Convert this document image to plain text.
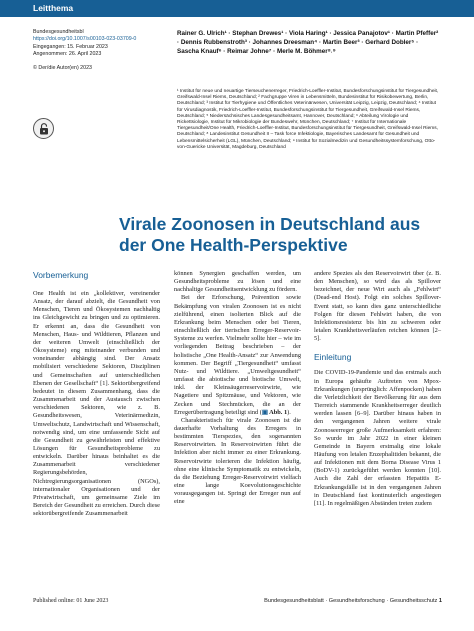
Leitthema
Bundesgesundheitsbl
https://doi.org/10.1007/s00103-023-03709-0
Eingegangen: 15. Februar 2023
Angenommen: 26. April 2023
© Der/die Autor(en) 2023
Rainer G. Ulrich¹ · Stephan Drewes¹ · Viola Haring¹ · Jessica Panajotov¹ · Martin Pfeffer² · Dennis Rubbenstroth³ · Johannes Dreesman⁴ · Martin Beer³ · Gerhard Dobler⁵ · Sascha Knauf⁶ · Reimar Johne⁷ · Merle M. Böhmer⁸˒⁹
¹ Institut für neue und neuartige Tierseuchenerreger, Friedrich-Loeffler-Institut, Bundesforschungsinstitut für Tiergesundheit, Greifswald-Insel Riems, Deutschland; ² Fachgruppe Viren in Lebensmitteln, Bundesinstitut für Risikobewertung, Berlin, Deutschland; ³ Institut für Tierhygiene und Öffentliches Veterinärwesen, Universität Leipzig, Leipzig, Deutschland; ⁴ Institut für Virusdiagnostik, Friedrich-Loeffler-Institut, Bundesforschungsinstitut für Tiergesundheit, Greifswald-Insel Riems, Deutschland; ⁵ Niedersächsisches Landesgesundheitsamt, Hannover, Deutschland; ⁶ Abteilung Virologie und Rickettsiologie, Institut für Mikrobiologie der Bundeswehr, München, Deutschland; ⁷ Institut für Internationale Tiergesundheit/One Health, Friedrich-Loeffler-Institut, Bundesforschungsinstitut für Tiergesundheit, Greifswald-Insel Riems, Deutschland; ⁸ Landesinstitut Gesundheit II – Task force Infektiologie, Bayerisches Landesamt für Gesundheit und Lebensmittelsicherheit (LGL), München, Deutschland; ⁹ Institut für Sozialmedizin und Gesundheitssystemforschung, Otto-von-Guericke Universität, Magdeburg, Deutschland
Virale Zoonosen in Deutschland aus der One Health-Perspektive
Vorbemerkung

One Health ist ein „kollektiver, vereinender Ansatz, der darauf abzielt, die Gesundheit von Menschen, Tieren und Ökosystemen nachhaltig ins Gleichgewicht zu bringen und zu optimieren. Er erkennt an, dass die Gesundheit von Menschen, Haus- und Wildtieren, Pflanzen und der weiteren Umwelt (einschließlich der Ökosysteme) eng miteinander verbunden und voneinander abhängig sind. Der Ansatz mobilisiert verschiedene Sektoren, Disziplinen und Gemeinschaften auf unterschiedlichen Ebenen der Gesellschaft“ [1]. Sektorübergreifend bedeutet in diesem Zusammenhang, dass die Zusammenarbeit und der Austausch zwischen verschiedenen Sektoren, wie z. B. Gesundheitswesen, Veterinärmedizin, Umweltschutz, Landwirtschaft und Wissenschaft, notwendig sind, um eine umfassende Sicht auf die Gesundheit zu gewährleisten und effektive Lösungen für Gesundheitsprobleme zu entwickeln. Darüber hinaus beinhaltet es die Zusammenarbeit verschiedener Regierungsbehörden, Nichtregierungsorganisationen (NGOs), internationaler Organisationen und der Privatwirtschaft, um gemeinsame Ziele im Bereich der Gesundheit zu erreichen. Durch diese sektorübergreifende Zusammenarbeit

können Synergien geschaffen werden, um Gesundheitsprobleme zu lösen und eine nachhaltige Gesundheitsentwicklung zu fördern.

Bei der Erforschung, Prävention sowie Bekämpfung von viralen Zoonosen ist es nicht zielführend, einen isolierten Blick auf die Erkrankung beim Menschen oder bei Tieren, einschließlich der tierischen Erreger-Reservoir-Systeme zu werfen. Vielmehr sollte hier – wie im vorliegenden Beitrag beschrieben – der holistische „One Health-Ansatz“ zur Anwendung kommen. Der Begriff „Tiergesundheit“ umfasst Nutz- und Wildtiere. „Umweltgesundheit“ umfasst die abiotische und biotische Umwelt, inkl. der Kleinsäugerreservoirwirte, wie Nagetiere und Spitzmäuse, und Vektoren, wie Zecken und Stechmücken, die an der Erregerübertragung beteiligt sind (▣ Abb. 1).

Charakteristisch für virale Zoonosen ist die dauerhafte Vorhaltung des Erregers in bestimmten Tierspezies, den sogenannten Reservoirwirten. In Reservoirwirten führt die Infektion aber nicht immer zu einer Erkrankung. Reservoirwirte tolerieren die Infektion häufig, ohne eine klinische Symptomatik zu entwickeln, da die Beziehung Erreger-Reservoirwirt vielfach eine lange Koevolutionsgeschichte vorausgegangen ist. Springt der Erreger nun auf eine

andere Spezies als den Reservoirwirt über (z. B. den Menschen), so wird das als Spillover bezeichnet, der neue Wirt auch als „Fehlwirt“ (Dead-end Host). Folgt ein solches Spillover-Event statt, so kann dies ganz unterschiedliche Folgen für diesen Fehlwirt haben, die von Infektionsresistenz bis hin zu schweren oder letalen Krankheitsverläufen reichen können [2–5].

Einleitung

Die COVID-19-Pandemie und das erstmals auch in Europa gehäufte Auftreten von Mpox-Erkrankungen (ursprünglich: Affenpocken) haben die Verletzlichkeit der Bevölkerung für aus dem Tierreich stammende Krankheitserreger deutlich werden lassen [6–9]. Darüber hinaus haben in den vergangenen Jahren weitere virale Zoonoseerreger große Aufmerksamkeit erfahren: So wurde im Jahr 2022 in einer kleinen Gemeinde in Bayern erstmalig eine lokale Häufung von letalen Enzephalitiden bekannt, die auf Infektionen mit dem Borna Disease Virus 1 (BoDV-1) zurückgeführt werden konnten [10]. Auch die Zahl der erfassten Hepatitis E-Erkrankungsfälle ist in den vergangenen Jahren in Deutschland fast kontinuierlich angestiegen [11]. In regelmäßigen Abständen treten zudem

Published online: 01 June 2023	Bundesgesundheitsblatt · Gesundheitsforschung · Gesundheitsschutz 1
